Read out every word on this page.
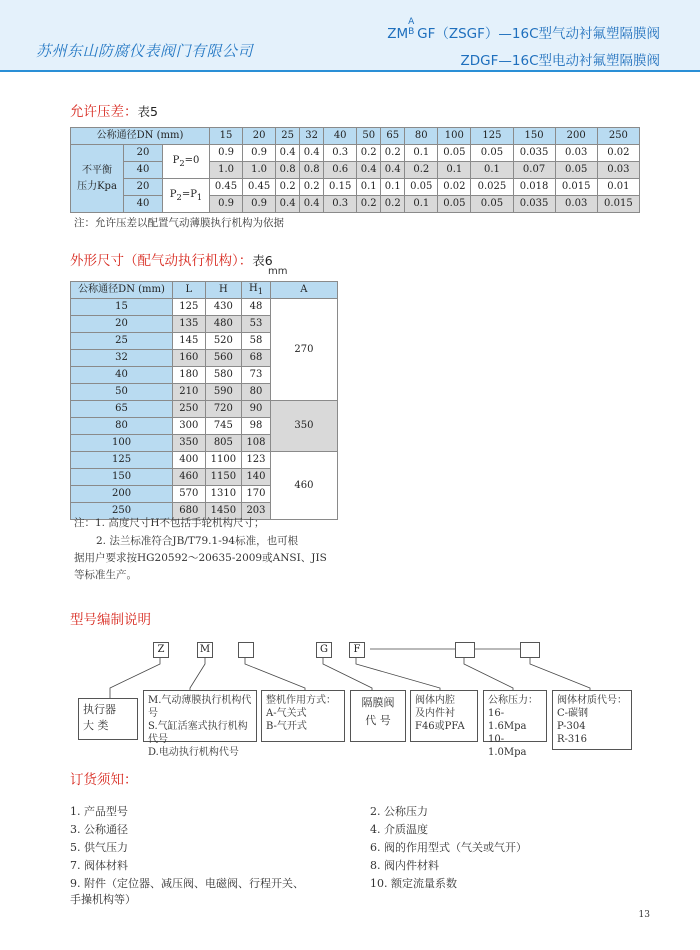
苏州东山防腐仪表阀门有限公司
ZM
A
B GF（ZSGF）—16C型气动衬氟塑隔膜阀
ZDGF—16C型电动衬氟塑隔膜阀
允许压差：表5
公称通径DN (mm)			15	20	25	32	40	50	65	80	100	125	150	200	250
不平衡
压力Kpa	20	$P_2=0$	0.9	0.9	0.4	0.4	0.3	0.2	0.2	0.1	0.05	0.05	0.035	0.03	0.02
	40		1.0	1.0	0.8	0.8	0.6	0.4	0.4	0.2	0.1	0.1	0.07	0.05	0.03
	20	$P_2=P_1$	0.45	0.45	0.2	0.2	0.15	0.1	0.1	0.05	0.02	0.025	0.018	0.015	0.01
	40		0.9	0.9	0.4	0.4	0.3	0.2	0.2	0.1	0.05	0.05	0.035	0.03	0.015
注：允许压差以配置气动薄膜执行机构为依据
外形尺寸（配气动执行机构）：表6
mm
公称通径DN (mm)	L	H	$H_1$	A
15	125	430	48	270
20	135	480	53	
25	145	520	58	
32	160	560	68	
40	180	580	73	
50	210	590	80	
65	250	720	90	350
80	300	745	98	
100	350	805	108	
125	400	1100	123	460
150	460	1150	140	
200	570	1310	170	
250	680	1450	203	
注：1. 高度尺寸H不包括手轮机构尺寸；
2. 法兰标准符合JB/T79.1-94标准，也可根
据用户要求按HG20592～20635-2009或ANSI、JIS
等标准生产。
型号编制说明
Z	M	G	F
执行器
大 类
M.气动薄膜执行机构代号
S.气缸活塞式执行机构代号
D.电动执行机构代号
整机作用方式：
A-气关式
B-气开式
隔膜阀
代 号
阀体内腔
及内件衬
F46或PFA
公称压力：
16-1.6Mpa
10-1.0Mpa
阀体材质代号：
C-碳钢
P-304
R-316
订货须知：
1. 产品型号
3. 公称通径
5. 供气压力
7. 阀体材料
9. 附件（定位器、减压阀、电磁阀、行程开关、
手操机构等）
2. 公称压力
4. 介质温度
6. 阀的作用型式（气关或气开）
8. 阀内件材料
10. 额定流量系数
13
